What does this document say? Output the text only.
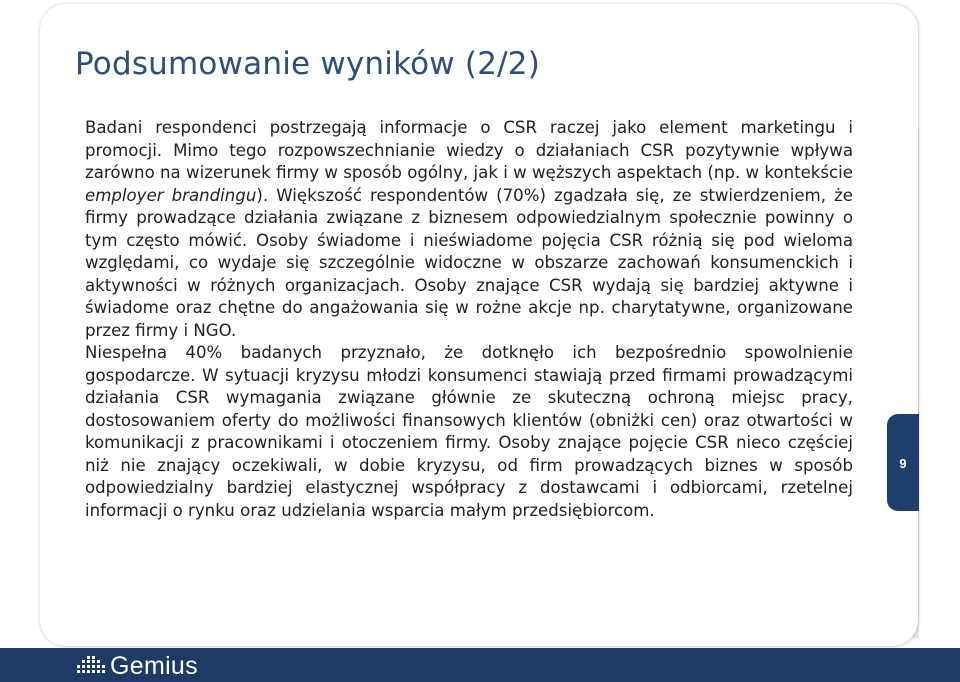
Podsumowanie wyników (2/2)

Badani respondenci postrzegają informacje o CSR raczej jako element marketingu i promocji. Mimo tego rozpowszechnianie wiedzy o działaniach CSR pozytywnie wpływa zarówno na wizerunek firmy w sposób ogólny, jak i w węższych aspektach (np. w kontekście employer brandingu). Większość respondentów (70%) zgadzała się, ze stwierdzeniem, że firmy prowadzące działania związane z biznesem odpowiedzialnym społecznie powinny o tym często mówić. Osoby świadome i nieświadome pojęcia CSR różnią się pod wieloma względami, co wydaje się szczególnie widoczne w obszarze zachowań konsumenckich i aktywności w różnych organizacjach. Osoby znające CSR wydają się bardziej aktywne i świadome oraz chętne do angażowania się w rożne akcje np. charytatywne, organizowane przez firmy i NGO.

Niespełna 40% badanych przyznało, że dotknęło ich bezpośrednio spowolnienie gospodarcze. W sytuacji kryzysu młodzi konsumenci stawiają przed firmami prowadzącymi działania CSR wymagania związane głównie ze skuteczną ochroną miejsc pracy, dostosowaniem oferty do możliwości finansowych klientów (obniżki cen) oraz otwartości w komunikacji z pracownikami i otoczeniem firmy. Osoby znające pojęcie CSR nieco częściej niż nie znający oczekiwali, w dobie kryzysu, od firm prowadzących biznes w sposób odpowiedzialny bardziej elastycznej współpracy z dostawcami i odbiorcami, rzetelnej informacji o rynku oraz udzielania wsparcia małym przedsiębiorcom.

9
Gemius
